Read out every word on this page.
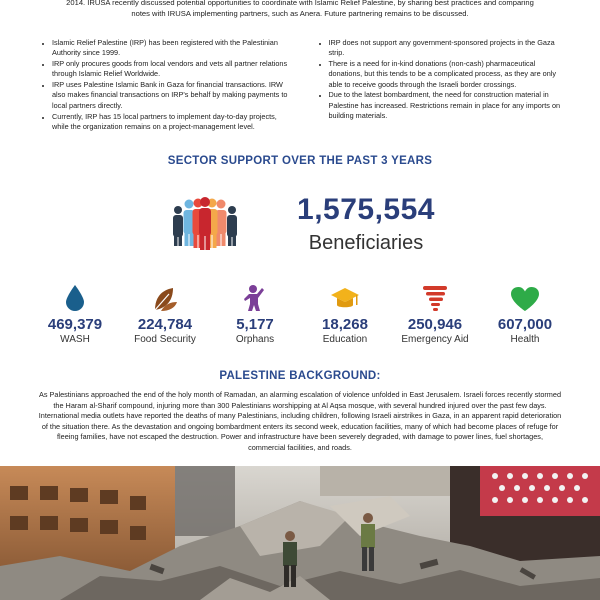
2014. IRUSA recently discussed potential opportunities to coordinate with Islamic Relief Palestine, by sharing best practices and comparing
notes with IRUSA implementing partners, such as Anera. Future partnering remains to be discussed.
• Islamic Relief Palestine (IRP) has been registered with the Palestinian Authority since 1999.
• IRP only procures goods from local vendors and vets all partner relations through Islamic Relief Worldwide.
• IRP uses Palestine Islamic Bank in Gaza for financial transactions. IRW also makes financial transactions on IRP's behalf by making payments to local partners directly.
• Currently, IRP has 15 local partners to implement day-to-day projects, while the organization remains on a project-management level.
• IRP does not support any government-sponsored projects in the Gaza strip.
• There is a need for in-kind donations (non-cash) pharmaceutical donations, but this tends to be a complicated process, as they are only able to receive goods through the Israeli border crossings.
• Due to the latest bombardment, the need for construction material in Palestine has increased. Restrictions remain in place for any imports on building materials.
SECTOR SUPPORT OVER THE PAST 3 YEARS
1,575,554
Beneficiaries
469,379
WASH
224,784
Food Security
5,177
Orphans
18,268
Education
250,946
Emergency Aid
607,000
Health
PALESTINE BACKGROUND:
As Palestinians approached the end of the holy month of Ramadan, an alarming escalation of violence unfolded in East Jerusalem. Israeli forces recently stormed the Haram al-Sharif compound, injuring more than 300 Palestinians worshipping at Al Aqsa mosque, with several hundred injured over the past few days. International media outlets have reported the deaths of many Palestinians, including children, following Israeli airstrikes in Gaza, in an apparent rapid deterioration of the situation there. As the devastation and ongoing bombardment enters its second week, education facilities, many of which had become places of refuge for fleeing families, have not escaped the destruction. Power and infrastructure have been severely degraded, with damage to power lines, fuel shortages, commercial facilities, and roads.
